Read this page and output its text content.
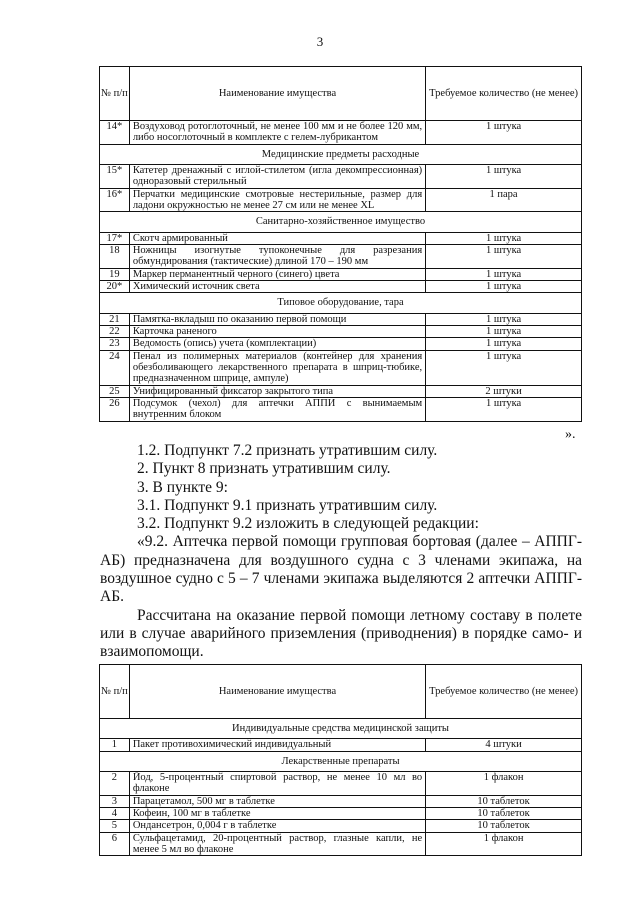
3
№ п/п	Наименование имущества	Требуемое количество (не менее)
14*	Воздуховод ротоглоточный, не менее 100 мм и не более 120 мм, либо носоглоточный в комплекте с гелем-лубрикантом	1 штука
Медицинские предметы расходные		
15*	Катетер дренажный с иглой-стилетом (игла декомпрессионная) одноразовый стерильный	1 штука
16*	Перчатки медицинские смотровые нестерильные, размер для ладони окружностью не менее 27 см или не менее XL	1 пара
Санитарно-хозяйственное имущество		
17*	Скотч армированный	1 штука
18	Ножницы изогнутые тупоконечные для разрезания обмундирования (тактические) длиной 170 – 190 мм	1 штука
19	Маркер перманентный черного (синего) цвета	1 штука
20*	Химический источник света	1 штука
Типовое оборудование, тара		
21	Памятка-вкладыш по оказанию первой помощи	1 штука
22	Карточка раненого	1 штука
23	Ведомость (опись) учета (комплектации)	1 штука
24	Пенал из полимерных материалов (контейнер для хранения обезболивающего лекарственного препарата в шприц-тюбике, предназначенном шприце, ампуле)	1 штука
25	Унифицированный фиксатор закрытого типа	2 штуки
26	Подсумок (чехол) для аптечки АППИ с вынимаемым внутренним блоком	1 штука
».

1.2. Подпункт 7.2 признать утратившим силу.

2. Пункт 8 признать утратившим силу.

3. В пункте 9:

3.1. Подпункт 9.1 признать утратившим силу.

3.2. Подпункт 9.2 изложить в следующей редакции:

«9.2. Аптечка первой помощи групповая бортовая (далее – АППГ-АБ) предназначена для воздушного судна с 3 членами экипажа, на воздушное судно с 5 – 7 членами экипажа выделяются 2 аптечки АППГ-АБ.

Рассчитана на оказание первой помощи летному составу в полете или в случае аварийного приземления (приводнения) в порядке само- и взаимопомощи.

№ п/п	Наименование имущества	Требуемое количество (не менее)
Индивидуальные средства медицинской защиты		
1	Пакет противохимический индивидуальный	4 штуки
Лекарственные препараты		
2	Йод, 5-процентный спиртовой раствор, не менее 10 мл во флаконе	1 флакон
3	Парацетамол, 500 мг в таблетке	10 таблеток
4	Кофеин, 100 мг в таблетке	10 таблеток
5	Ондансетрон, 0,004 г в таблетке	10 таблеток
6	Сульфацетамид, 20-процентный раствор, глазные капли, не менее 5 мл во флаконе	1 флакон
